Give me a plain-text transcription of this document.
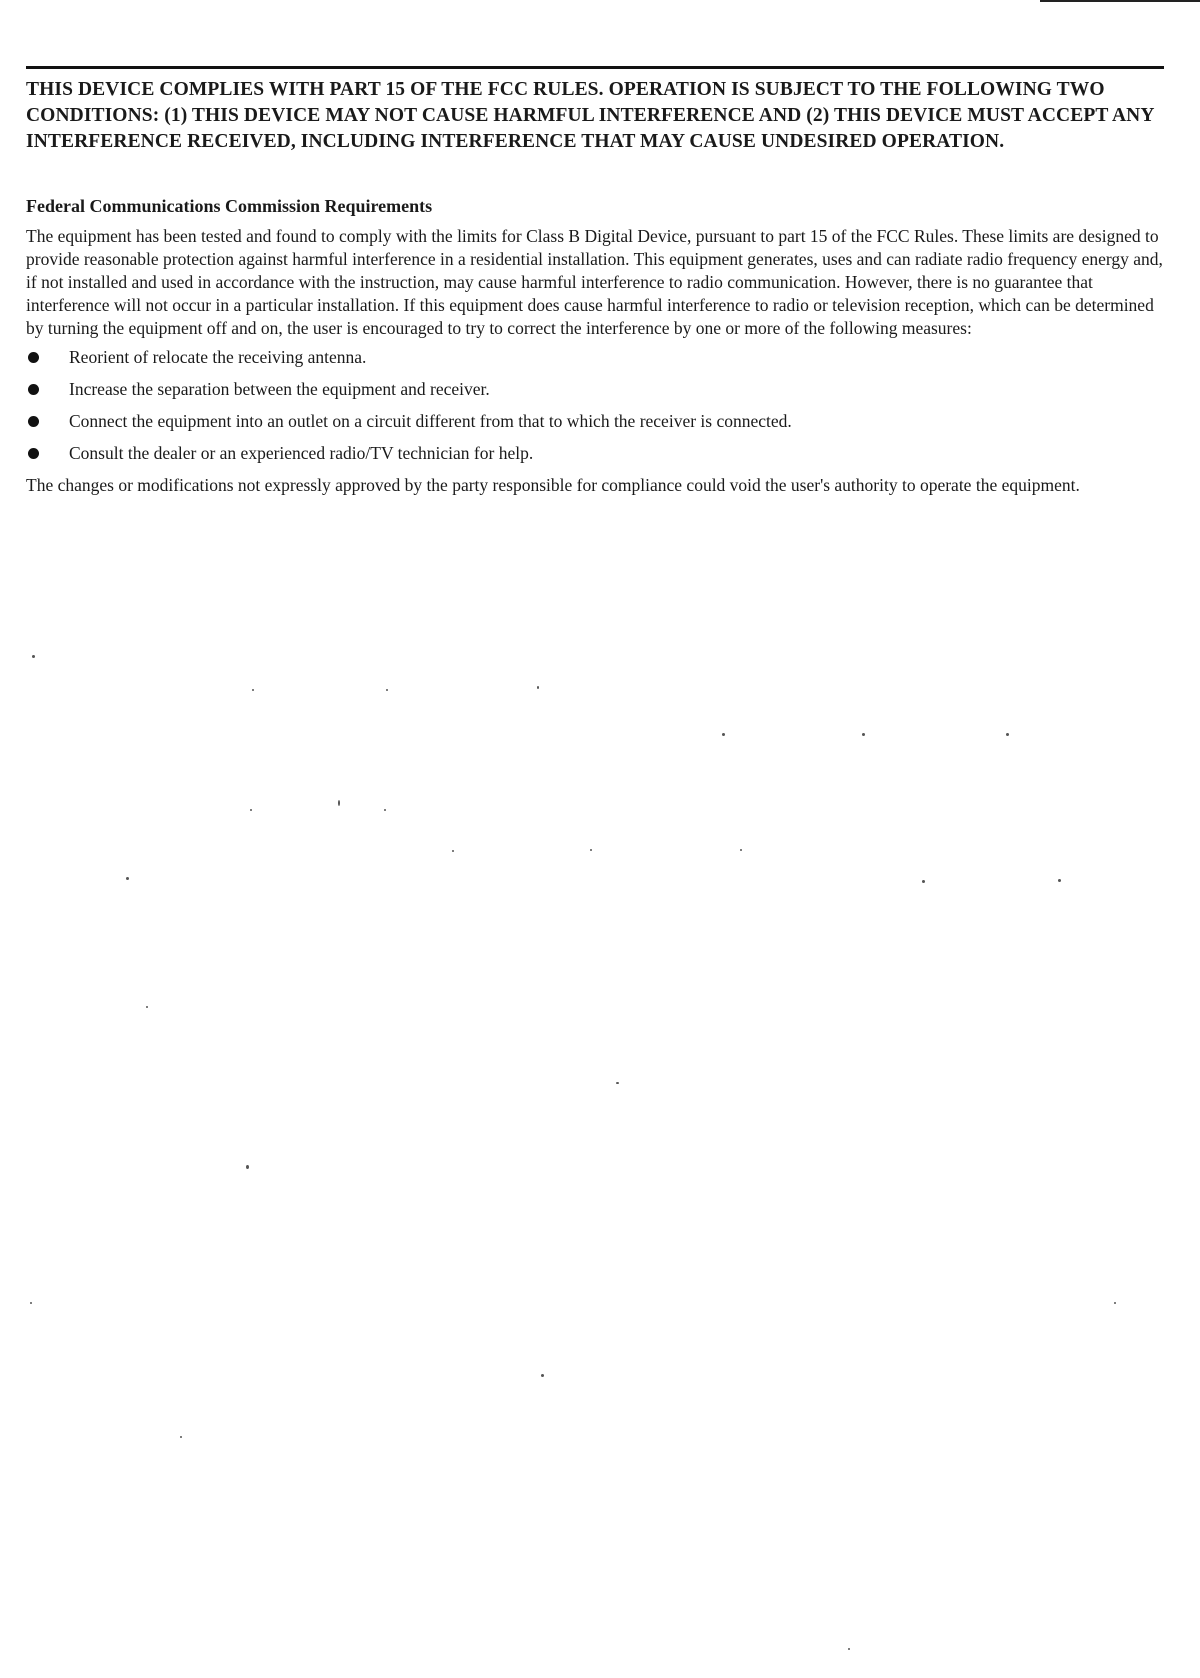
THIS DEVICE COMPLIES WITH PART 15 OF THE FCC RULES. OPERATION IS SUBJECT TO THE FOLLOWING TWO CONDITIONS: (1) THIS DEVICE MAY NOT CAUSE HARMFUL INTERFERENCE AND (2) THIS DEVICE MUST ACCEPT ANY INTERFERENCE RECEIVED, INCLUDING INTERFERENCE THAT MAY CAUSE UNDESIRED OPERATION.

Federal Communications Commission Requirements

The equipment has been tested and found to comply with the limits for Class B Digital Device, pursuant to part 15 of the FCC Rules. These limits are designed to provide reasonable protection against harmful interference in a residential installation. This equipment generates, uses and can radiate radio frequency energy and, if not installed and used in accordance with the instruction, may cause harmful interference to radio communication. However, there is no guarantee that interference will not occur in a particular installation. If this equipment does cause harmful interference to radio or television reception, which can be determined by turning the equipment off and on, the user is encouraged to try to correct the interference by one or more of the following measures:

Reorient of relocate the receiving antenna.
Increase the separation between the equipment and receiver.
Connect the equipment into an outlet on a circuit different from that to which the receiver is connected.
Consult the dealer or an experienced radio/TV technician for help.

The changes or modifications not expressly approved by the party responsible for compliance could void the user's authority to operate the equipment.
